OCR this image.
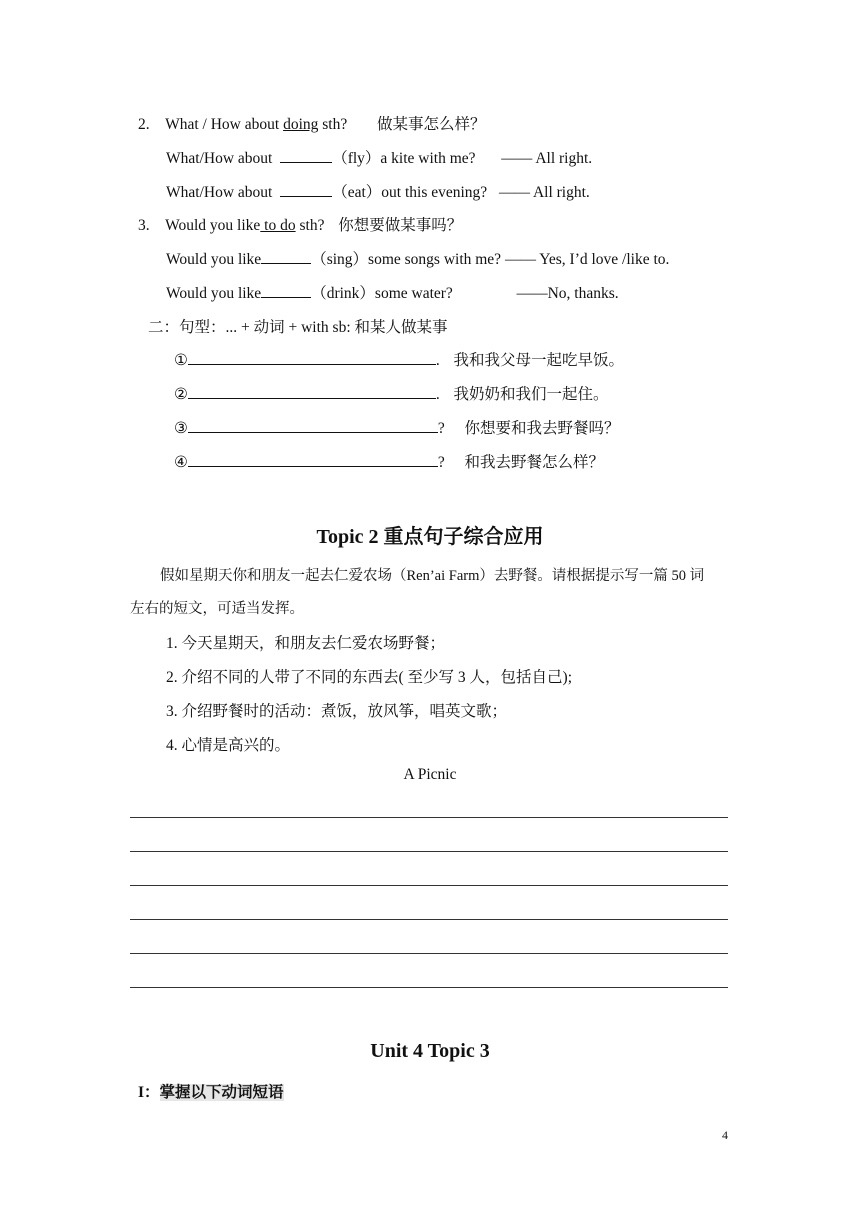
2. What / How about doing sth? 做某事怎么样？
What/How about	（fly）a kite with me? —— All right.
What/How about	（eat）out this evening? —— All right.
3. Would you like to do sth? 你想要做某事吗？
Would you like	（sing）some songs with me? —— Yes, I’d love /like to.
Would you like	（drink）some water?	——No, thanks.
二：句型：... + 动词 + with sb: 和某人做某事
①	. 我和我父母一起吃早饭。
②	. 我奶奶和我们一起住。
③	? 你想要和我去野餐吗？
④	? 和我去野餐怎么样？
Topic 2 重点句子综合应用
假如星期天你和朋友一起去仁爱农场（Ren’ai Farm）去野餐。请根据提示写一篇 50 词
左右的短文，可适当发挥。
1. 今天星期天，和朋友去仁爱农场野餐；
2. 介绍不同的人带了不同的东西去( 至少写 3 人，包括自己);
3. 介绍野餐时的活动：煮饭，放风筝，唱英文歌；
4. 心情是高兴的。
A Picnic
Unit 4 Topic 3
I：掌握以下动词短语
4
